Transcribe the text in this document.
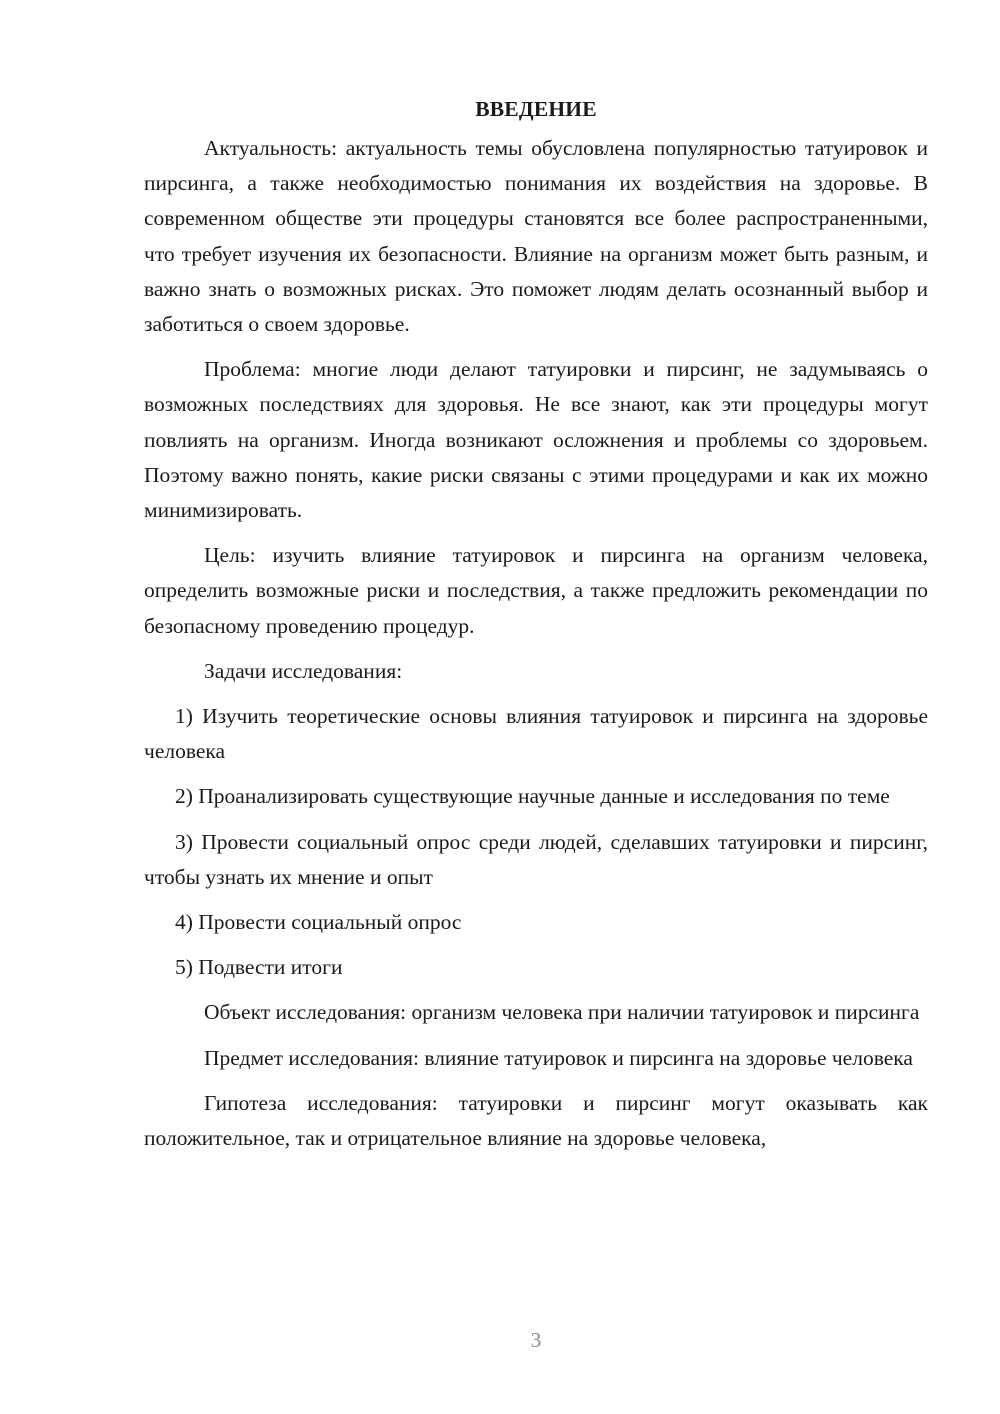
ВВЕДЕНИЕ

Актуальность: актуальность темы обусловлена популярностью татуировок и пирсинга, а также необходимостью понимания их воздействия на здоровье. В современном обществе эти процедуры становятся все более распространенными, что требует изучения их безопасности. Влияние на организм может быть разным, и важно знать о возможных рисках. Это поможет людям делать осознанный выбор и заботиться о своем здоровье.

Проблема: многие люди делают татуировки и пирсинг, не задумываясь о возможных последствиях для здоровья. Не все знают, как эти процедуры могут повлиять на организм. Иногда возникают осложнения и проблемы со здоровьем. Поэтому важно понять, какие риски связаны с этими процедурами и как их можно минимизировать.

Цель: изучить влияние татуировок и пирсинга на организм человека, определить возможные риски и последствия, а также предложить рекомендации по безопасному проведению процедур.

Задачи исследования:

1) Изучить теоретические основы влияния татуировок и пирсинга на здоровье человека

2) Проанализировать существующие научные данные и исследования по теме

3) Провести социальный опрос среди людей, сделавших татуировки и пирсинг, чтобы узнать их мнение и опыт

4) Провести социальный опрос

5) Подвести итоги

Объект исследования: организм человека при наличии татуировок и пирсинга

Предмет исследования: влияние татуировок и пирсинга на здоровье человека

Гипотеза исследования: татуировки и пирсинг могут оказывать как положительное, так и отрицательное влияние на здоровье человека,

3
